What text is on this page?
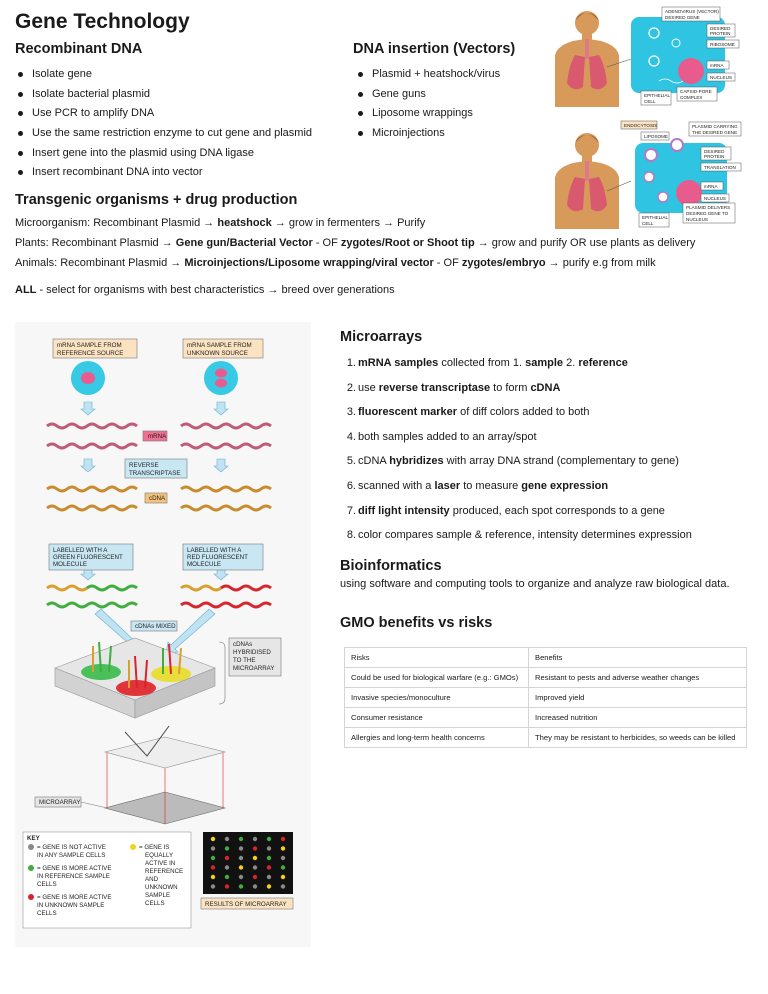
Gene Technology
Recombinant DNA
Isolate gene
Isolate bacterial plasmid
Use PCR to amplify DNA
Use the same restriction enzyme to cut gene and plasmid
Insert gene into the plasmid using DNA ligase
Insert recombinant DNA into vector
DNA insertion (Vectors)
Plasmid + heatshock/virus
Gene guns
Liposome wrappings
Microinjections
Transgenic organisms + drug production
Microorganism: Recombinant Plasmid → heatshock → grow in fermenters → Purify
Plants: Recombinant Plasmid → Gene gun/Bacterial Vector - OF zygotes/Root or Shoot tip → grow and purify OR use plants as delivery
Animals: Recombinant Plasmid → Microinjections/Liposome wrapping/viral vector - OF zygotes/embryo → purify e.g from milk
ALL - select for organisms with best characteristics → breed over generations
ADENOVIRUS (VECTOR)
DESIRED GENE
DESIRED
PROTEIN
RIBOSOME
mRNA
NUCLEUS
CAPSID-PORE
COMPLEX
EPITHELIAL
CELL
ENDOCYTOSIS
LIPOSOME
PLASMID CARRYING
THE DESIRED GENE
DESIRED
PROTEIN
TRANSLATION
mRNA
NUCLEUS
PLASMID DELIVERS
DESIRED GENE TO
NUCLEUS
EPITHELIAL
CELL
mRNA SAMPLE FROM
REFERENCE SOURCE
mRNA SAMPLE FROM
UNKNOWN SOURCE
mRNA
REVERSE
TRANSCRIPTASE
cDNA
LABELLED WITH A
GREEN FLUORESCENT
MOLECULE
LABELLED WITH A
RED FLUORESCENT
MOLECULE
cDNAs MIXED
cDNAs
HYBRIDISED
TO THE
MICROARRAY
MICROARRAY
KEY
= GENE IS NOT ACTIVE
IN ANY SAMPLE CELLS
= GENE IS MORE ACTIVE
IN REFERENCE SAMPLE
CELLS
= GENE IS MORE ACTIVE
IN UNKNOWN SAMPLE
CELLS
= GENE IS
EQUALLY
ACTIVE IN
REFERENCE
AND
UNKNOWN
SAMPLE
CELLS	RESULTS OF MICROARRAY
Microarrays
1. mRNA samples collected from 1. sample 2. reference
2. use reverse transcriptase to form cDNA
3. fluorescent marker of diff colors added to both
4. both samples added to an array/spot
5. cDNA hybridizes with array DNA strand (complementary to gene)
6. scanned with a laser to measure gene expression
7. diff light intensity produced, each spot corresponds to a gene
8. color compares sample & reference, intensity determines expression
Bioinformatics
using software and computing tools to organize and analyze raw biological data.
GMO benefits vs risks
Risks	Benefits
Could be used for biological warfare (e.g.: GMOs)	Resistant to pests and adverse weather changes
Invasive species/monoculture	Improved yield
Consumer resistance	Increased nutrition
Allergies and long-term health concerns	They may be resistant to herbicides, so weeds can be killed
